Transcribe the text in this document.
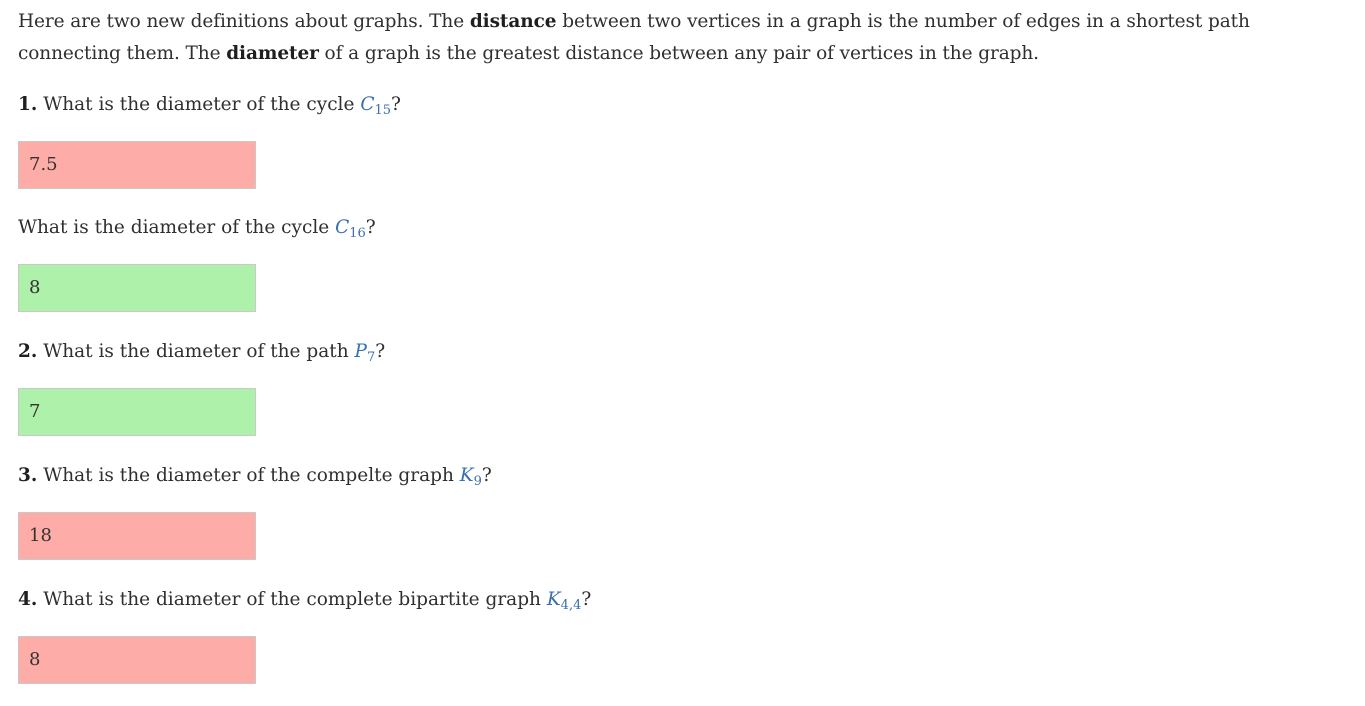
Here are two new definitions about graphs. The distance between two vertices in a graph is the number of edges in a shortest path connecting them. The diameter of a graph is the greatest distance between any pair of vertices in the graph.

1. What is the diameter of the cycle $C_{15}$?

7.5

What is the diameter of the cycle $C_{16}$?

8

2. What is the diameter of the path $P_7$?

7

3. What is the diameter of the compelte graph $K_9$?

18

4. What is the diameter of the complete bipartite graph $K_{4,4}$?

8
